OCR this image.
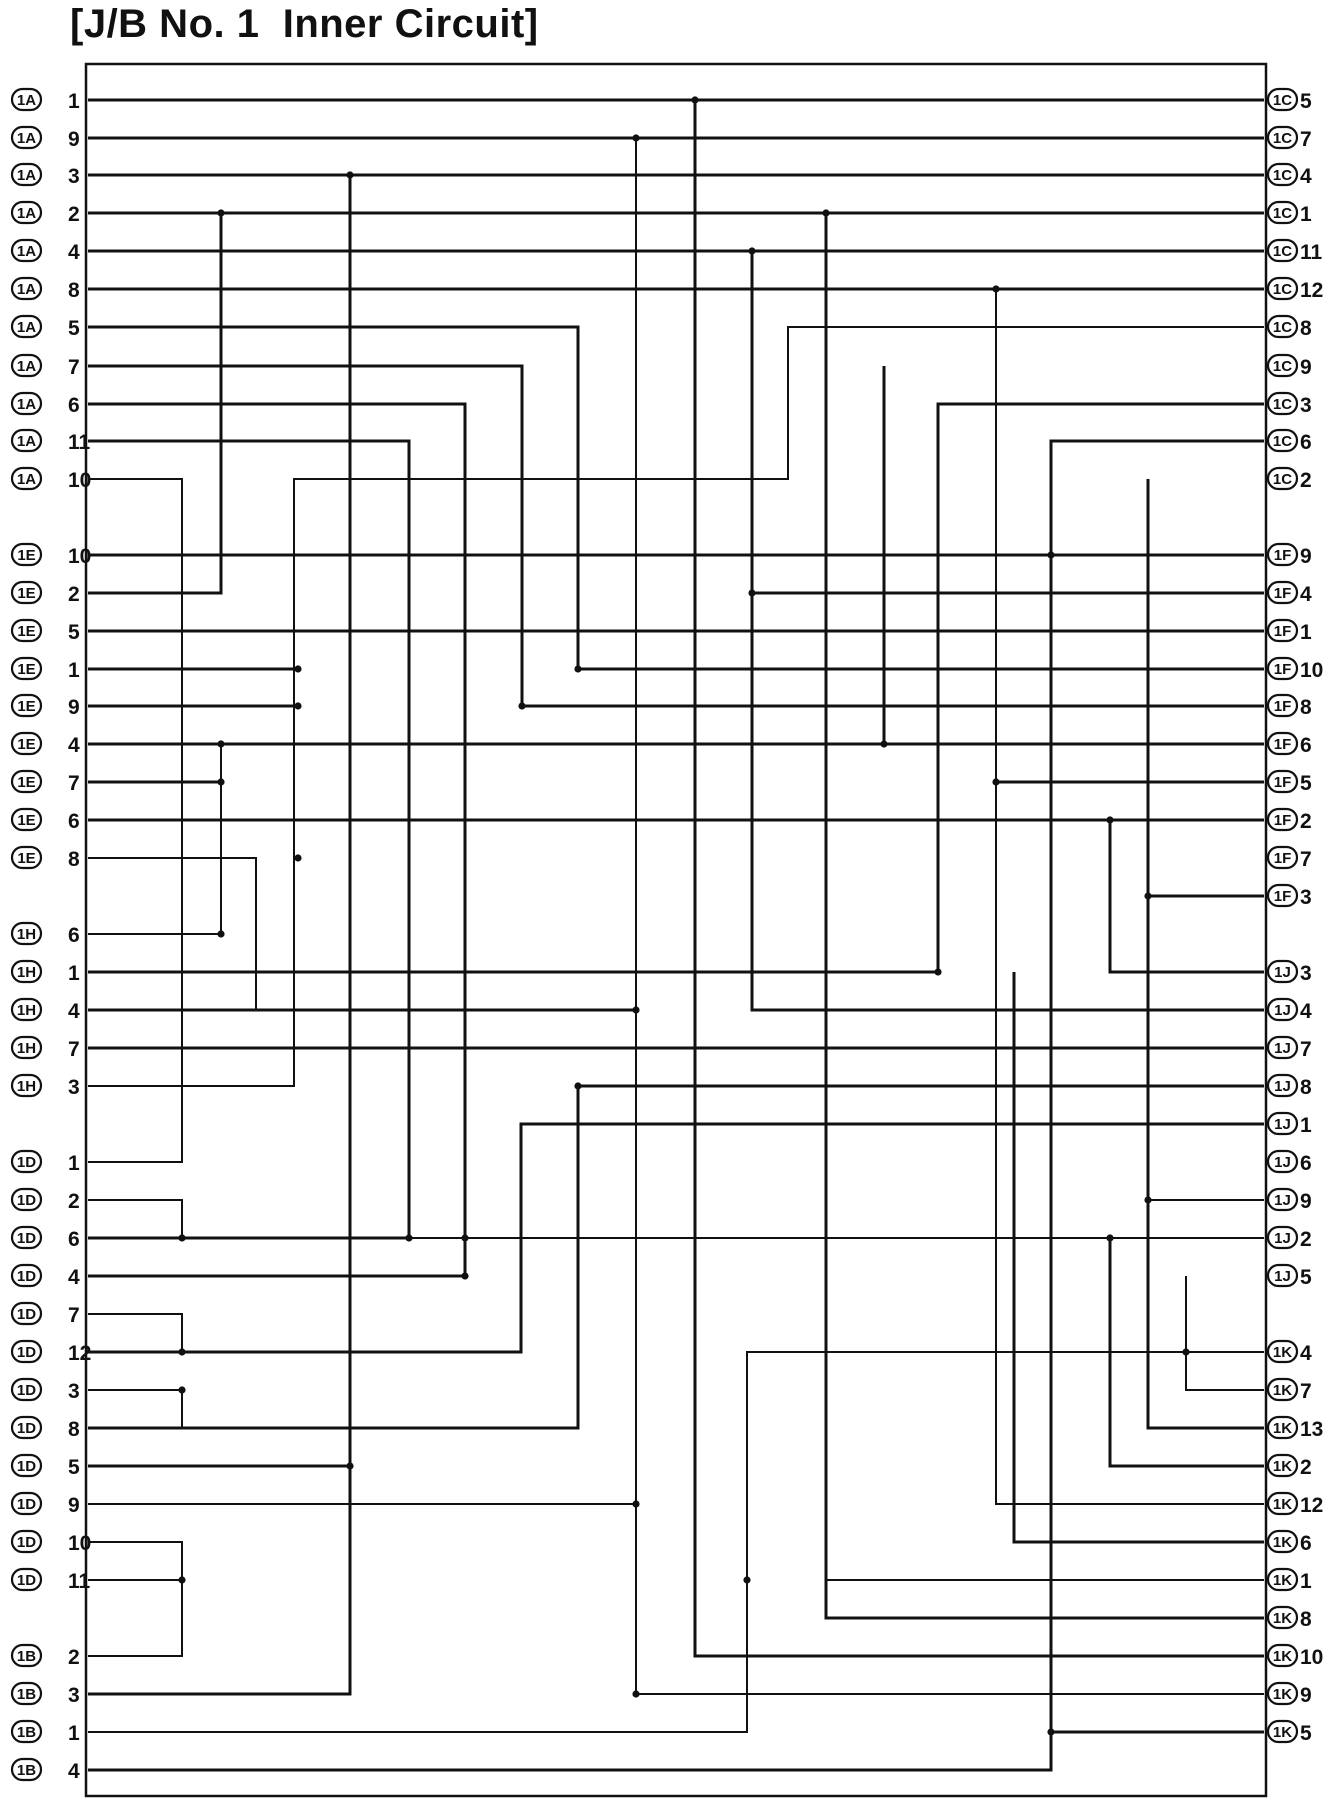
[J/B No. 1  Inner Circuit]
1A 1
1A 9
1A 3
1A 2
1A 4
1A 8
1A 5
1A 7
1A 6
1A 11
1A 10
1E 10
1E 2
1E 5
1E 1
1E 9
1E 4
1E 7
1E 6
1E 8
1H 6
1H 1
1H 4
1H 7
1H 3
1D 1
1D 2
1D 6
1D 4
1D 7
1D 12
1D 3
1D 8
1D 5
1D 9
1D 10
1D 11
1B 2
1B 3
1B 1
1B 4
1C 5
1C 7
1C 4
1C 1
1C 11
1C 12
1C 8
1C 9
1C 3
1C 6
1C 2
1F 9
1F 4
1F 1
1F 10
1F 8
1F 6
1F 5
1F 2
1F 7
1F 3
1J 3
1J 4
1J 7
1J 8
1J 1
1J 6
1J 9
1J 2
1J 5
1K 4
1K 7
1K 13
1K 2
1K 12
1K 6
1K 1
1K 8
1K 10
1K 9
1K 5
